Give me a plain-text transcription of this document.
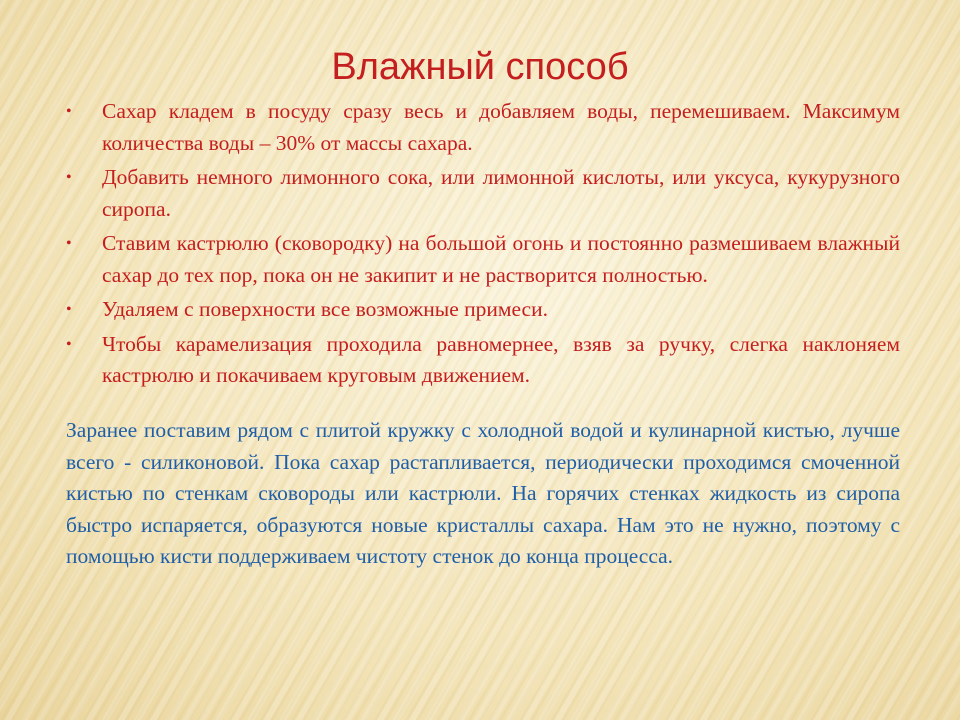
Влажный способ
• Сахар кладем в посуду сразу весь и добавляем воды, перемешиваем. Максимум количества воды – 30% от массы сахара.
• Добавить немного лимонного сока, или лимонной кислоты, или уксуса, кукурузного сиропа.
• Ставим кастрюлю (сковородку) на большой огонь и постоянно размешиваем влажный сахар до тех пор, пока он не закипит и не растворится полностью.
• Удаляем с поверхности все возможные примеси.
• Чтобы карамелизация проходила равномернее, взяв за ручку, слегка наклоняем кастрюлю и покачиваем круговым движением.

Заранее поставим рядом с плитой кружку с холодной водой и кулинарной кистью, лучше всего - силиконовой. Пока сахар растапливается, периодически проходимся смоченной кистью по стенкам сковороды или кастрюли. На горячих стенках жидкость из сиропа быстро испаряется, образуются новые кристаллы сахара. Нам это не нужно, поэтому с помощью кисти поддерживаем чистоту стенок до конца процесса.
